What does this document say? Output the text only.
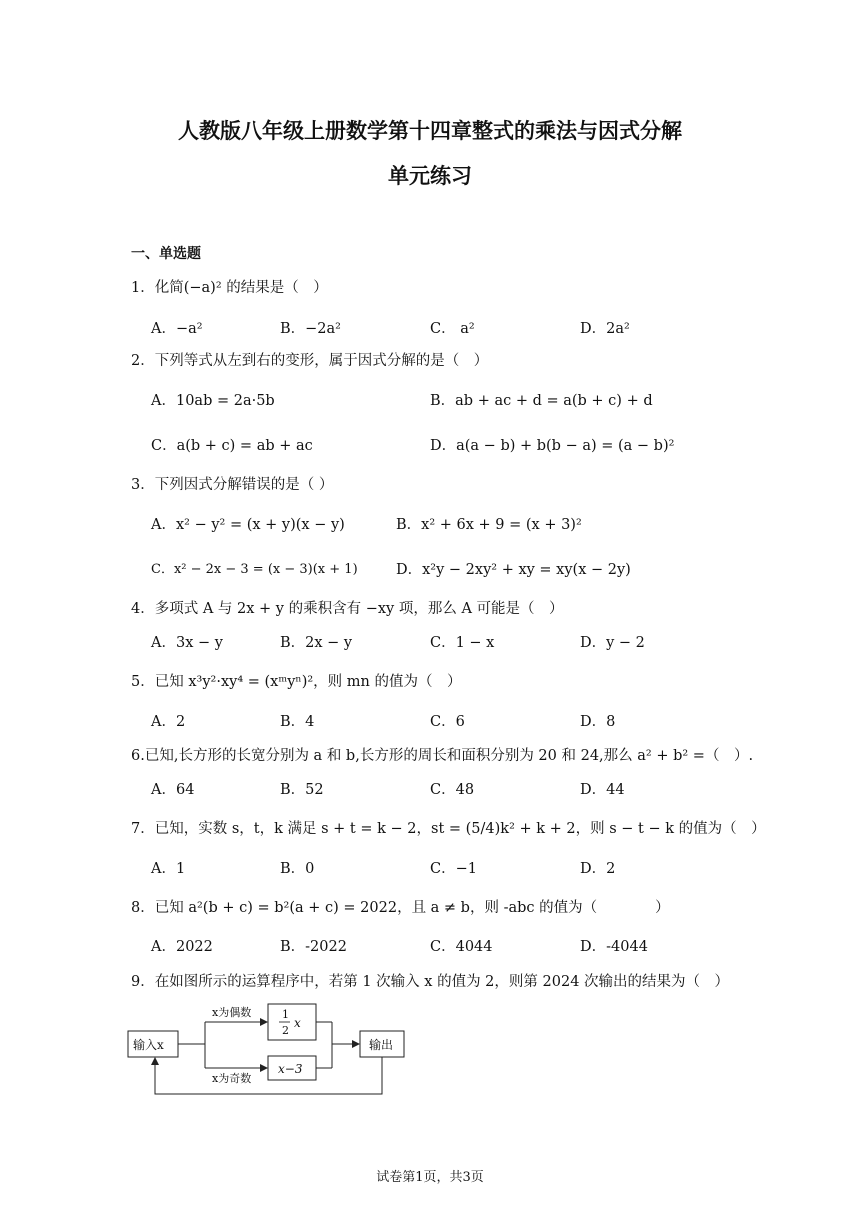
人教版八年级上册数学第十四章整式的乘法与因式分解
单元练习
一、单选题
1．化简(−a)² 的结果是（　）
A．−a²	B．−2a²	C． a²	D．2a²
2．下列等式从左到右的变形，属于因式分解的是（　）
A．10ab = 2a·5b	B．ab + ac + d = a(b + c) + d
C．a(b + c) = ab + ac	D．a(a − b) + b(b − a) = (a − b)²
3．下列因式分解错误的是（ ）
A．x² − y² = (x + y)(x − y)	B．x² + 6x + 9 = (x + 3)²
C．x² − 2x − 3 = (x − 3)(x + 1)	D．x²y − 2xy² + xy = xy(x − 2y)
4．多项式 A 与 2x + y 的乘积含有 −xy 项，那么 A 可能是（　）
A．3x − y	B．2x − y	C．1 − x	D．y − 2
5．已知 x³y²·xy⁴ = (xᵐyⁿ)²，则 mn 的值为（　）
A．2	B．4	C．6	D．8
6.已知,长方形的长宽分别为 a 和 b,长方形的周长和面积分别为 20 和 24,那么 a² + b² =（　）.
A．64	B．52	C．48	D．44
7．已知，实数 s，t，k 满足 s + t = k − 2，st = (5/4)k² + k + 2，则 s − t − k 的值为（　）
A．1	B．0	C．−1	D．2
8．已知 a²(b + c) = b²(a + c) = 2022，且 a ≠ b，则 -abc 的值为（　　　　）
A．2022	B．-2022	C．4044	D．-4044
9．在如图所示的运算程序中，若第 1 次输入 x 的值为 2，则第 2024 次输出的结果为（　）
输入x
x为偶数
x为奇数
1
2
x
x−3
输出
试卷第1页，共3页
